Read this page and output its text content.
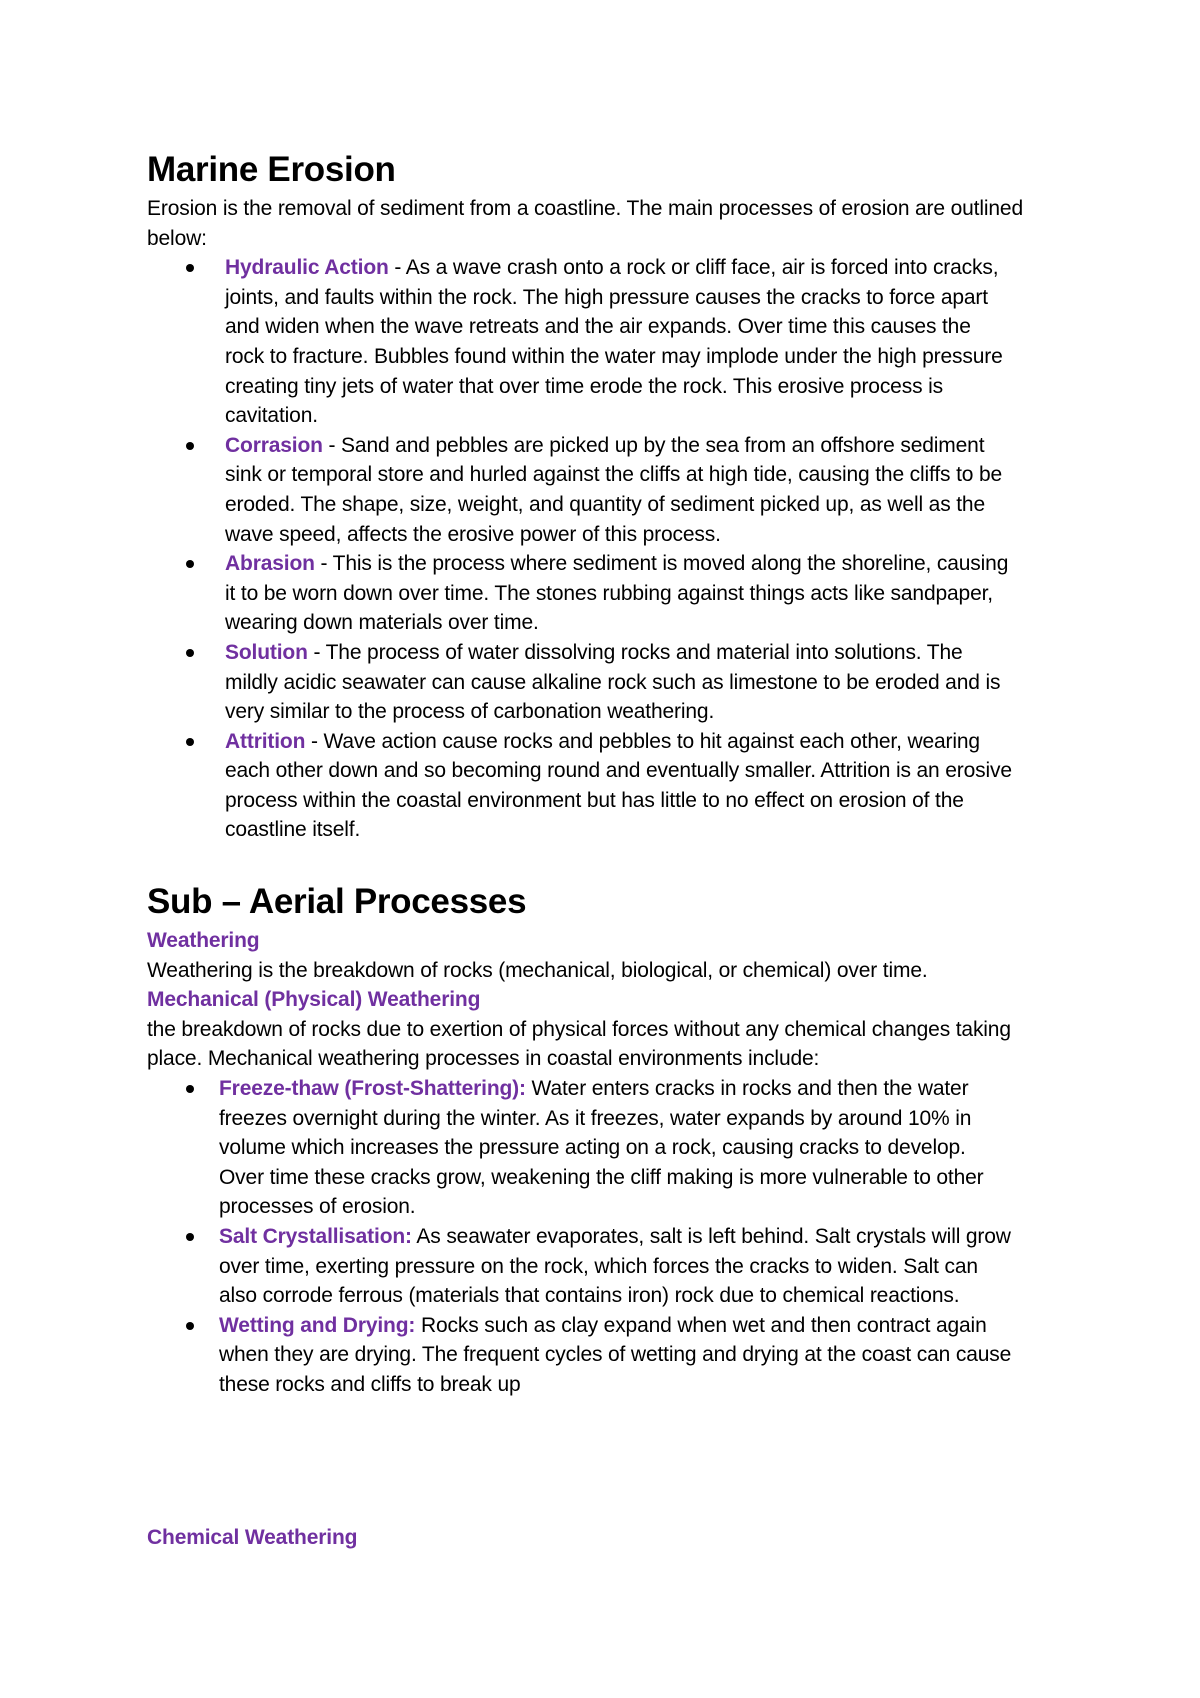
Marine Erosion

Erosion is the removal of sediment from a coastline. The main processes of erosion are outlined below:

Hydraulic Action - As a wave crash onto a rock or cliff face, air is forced into cracks, joints, and faults within the rock. The high pressure causes the cracks to force apart and widen when the wave retreats and the air expands. Over time this causes the rock to fracture. Bubbles found within the water may implode under the high pressure creating tiny jets of water that over time erode the rock. This erosive process is cavitation.
Corrasion - Sand and pebbles are picked up by the sea from an offshore sediment sink or temporal store and hurled against the cliffs at high tide, causing the cliffs to be eroded. The shape, size, weight, and quantity of sediment picked up, as well as the wave speed, affects the erosive power of this process.
Abrasion - This is the process where sediment is moved along the shoreline, causing it to be worn down over time. The stones rubbing against things acts like sandpaper, wearing down materials over time.
Solution - The process of water dissolving rocks and material into solutions. The mildly acidic seawater can cause alkaline rock such as limestone to be eroded and is very similar to the process of carbonation weathering.
Attrition - Wave action cause rocks and pebbles to hit against each other, wearing each other down and so becoming round and eventually smaller. Attrition is an erosive process within the coastal environment but has little to no effect on erosion of the coastline itself.
Sub – Aerial Processes

Weathering

Weathering is the breakdown of rocks (mechanical, biological, or chemical) over time.

Mechanical (Physical) Weathering

the breakdown of rocks due to exertion of physical forces without any chemical changes taking place. Mechanical weathering processes in coastal environments include:

Freeze-thaw (Frost-Shattering): Water enters cracks in rocks and then the water freezes overnight during the winter. As it freezes, water expands by around 10% in volume which increases the pressure acting on a rock, causing cracks to develop. Over time these cracks grow, weakening the cliff making is more vulnerable to other processes of erosion.
Salt Crystallisation: As seawater evaporates, salt is left behind. Salt crystals will grow over time, exerting pressure on the rock, which forces the cracks to widen. Salt can also corrode ferrous (materials that contains iron) rock due to chemical reactions.
Wetting and Drying: Rocks such as clay expand when wet and then contract again when they are drying. The frequent cycles of wetting and drying at the coast can cause these rocks and cliffs to break up

Chemical Weathering
